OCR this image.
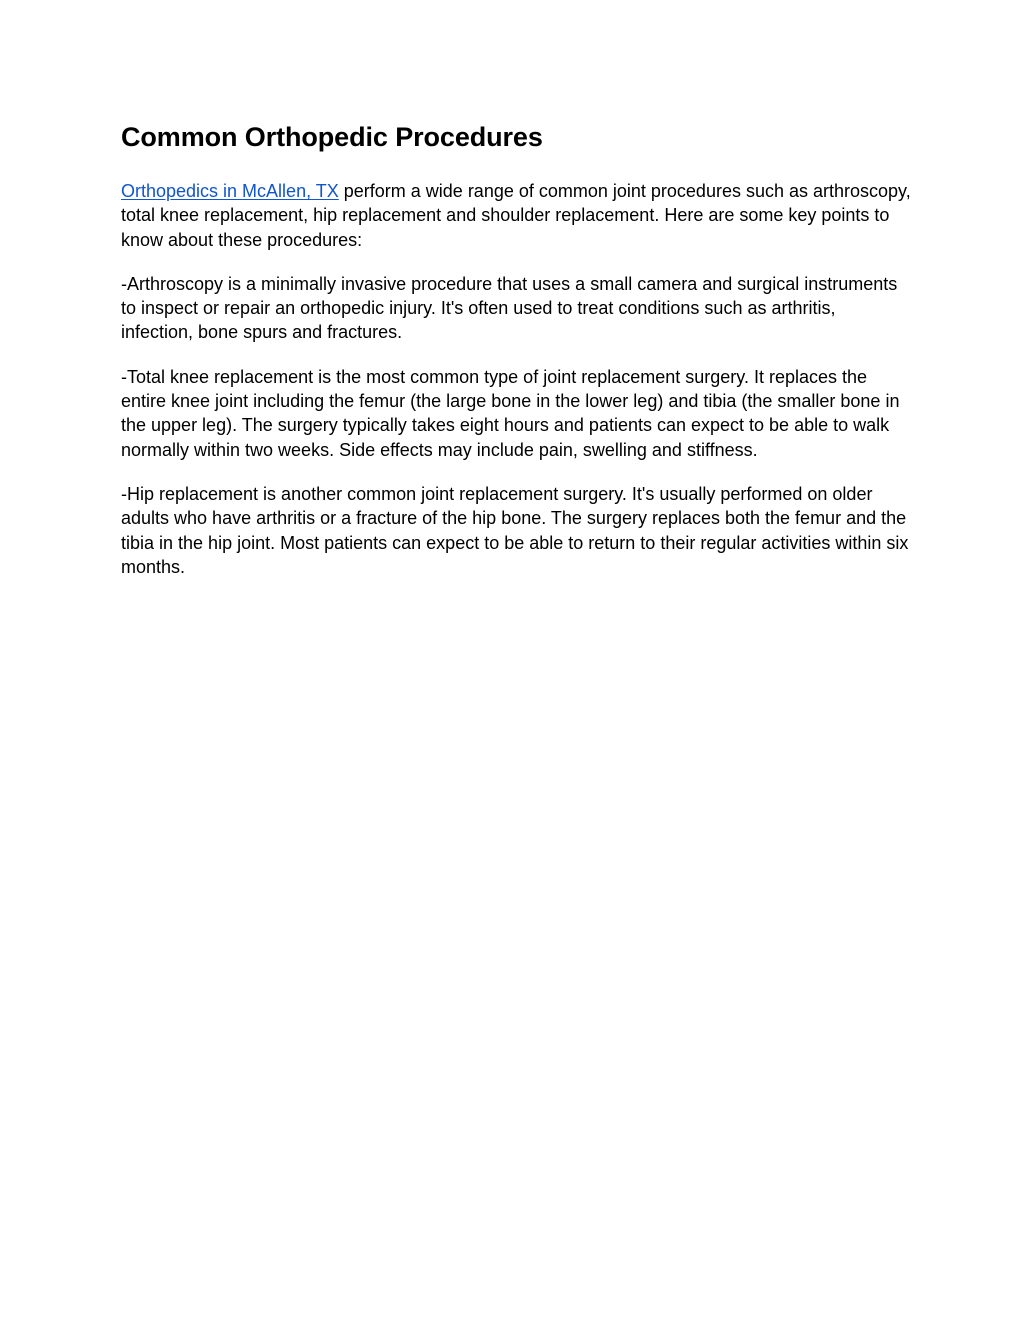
Common Orthopedic Procedures

Orthopedics in McAllen, TX perform a wide range of common joint procedures such as arthroscopy, total knee replacement, hip replacement and shoulder replacement. Here are some key points to know about these procedures:

-Arthroscopy is a minimally invasive procedure that uses a small camera and surgical instruments to inspect or repair an orthopedic injury. It's often used to treat conditions such as arthritis, infection, bone spurs and fractures.

-Total knee replacement is the most common type of joint replacement surgery. It replaces the entire knee joint including the femur (the large bone in the lower leg) and tibia (the smaller bone in the upper leg). The surgery typically takes eight hours and patients can expect to be able to walk normally within two weeks. Side effects may include pain, swelling and stiffness.

-Hip replacement is another common joint replacement surgery. It's usually performed on older adults who have arthritis or a fracture of the hip bone. The surgery replaces both the femur and the tibia in the hip joint. Most patients can expect to be able to return to their regular activities within six months.
